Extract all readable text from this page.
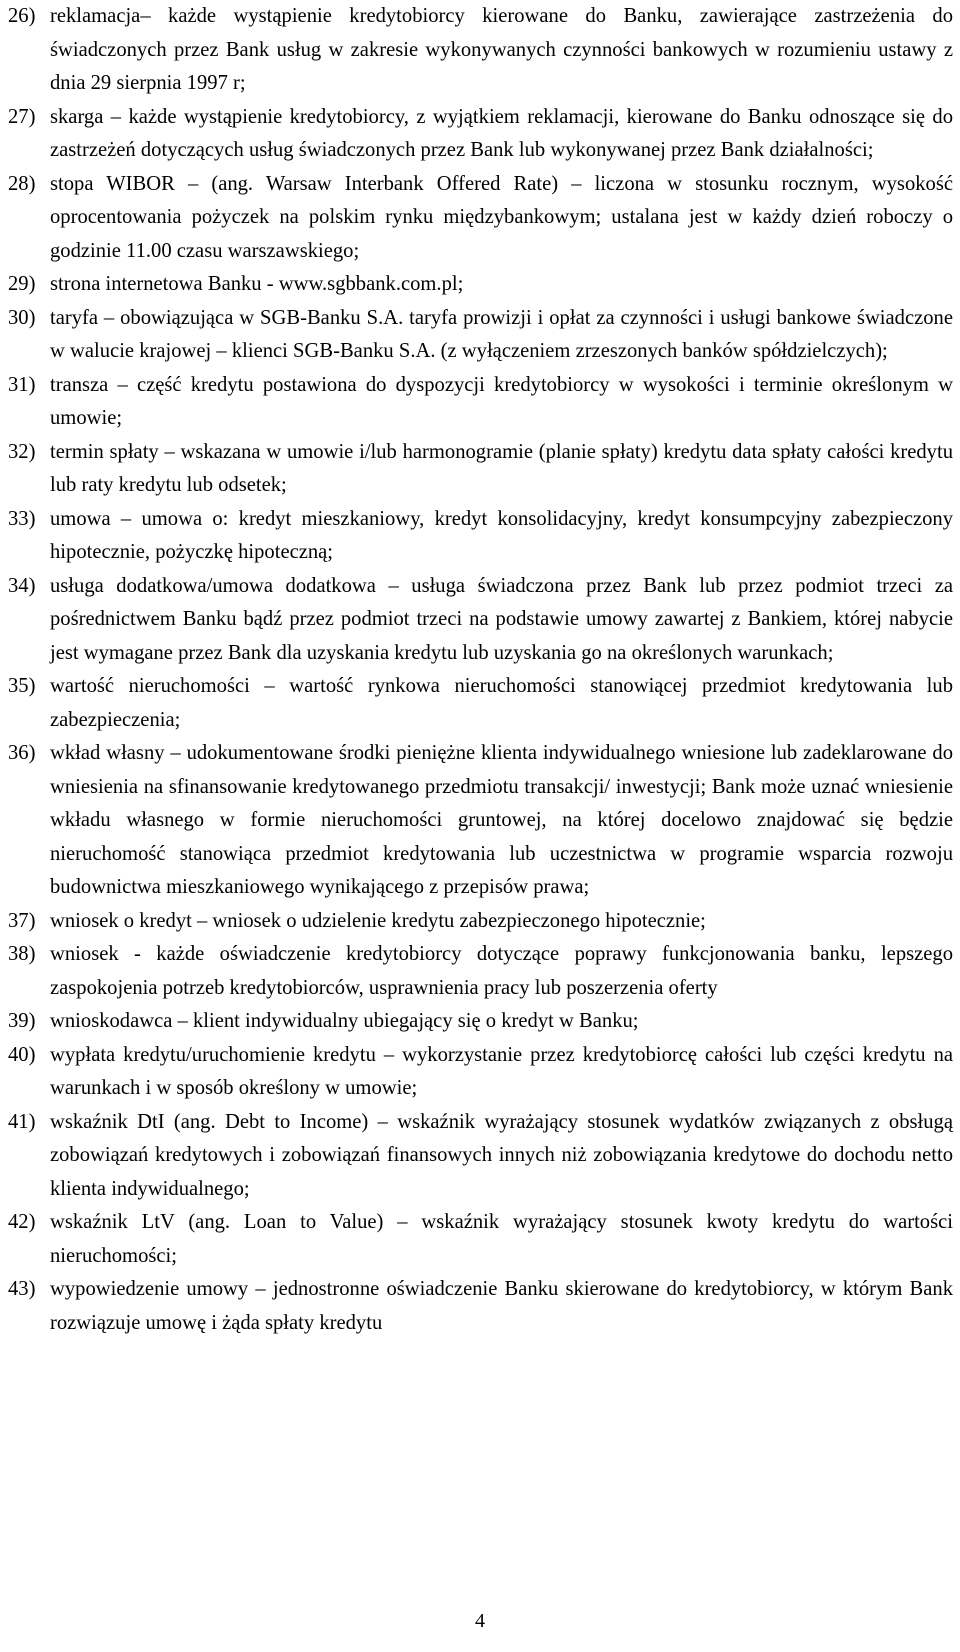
26) reklamacja– każde wystąpienie kredytobiorcy kierowane do Banku, zawierające zastrzeżenia do świadczonych przez Bank usług w zakresie wykonywanych czynności bankowych w rozumieniu ustawy z dnia 29 sierpnia 1997 r;
27) skarga – każde wystąpienie kredytobiorcy, z wyjątkiem reklamacji, kierowane do Banku odnoszące się do zastrzeżeń dotyczących usług świadczonych przez Bank lub wykonywanej przez Bank działalności;
28) stopa WIBOR – (ang. Warsaw Interbank Offered Rate) – liczona w stosunku rocznym, wysokość oprocentowania pożyczek na polskim rynku międzybankowym; ustalana jest w każdy dzień roboczy o godzinie 11.00 czasu warszawskiego;
29) strona internetowa Banku - www.sgbbank.com.pl;
30) taryfa – obowiązująca w SGB-Banku S.A. taryfa prowizji i opłat za czynności i usługi bankowe świadczone w walucie krajowej – klienci SGB-Banku S.A. (z wyłączeniem zrzeszonych banków spółdzielczych);
31) transza – część kredytu postawiona do dyspozycji kredytobiorcy w wysokości i terminie określonym w umowie;
32) termin spłaty – wskazana w umowie i/lub harmonogramie (planie spłaty) kredytu data spłaty całości kredytu lub raty kredytu lub odsetek;
33) umowa – umowa o: kredyt mieszkaniowy, kredyt konsolidacyjny, kredyt konsumpcyjny zabezpieczony hipotecznie, pożyczkę hipoteczną;
34) usługa dodatkowa/umowa dodatkowa – usługa świadczona przez Bank lub przez podmiot trzeci za pośrednictwem Banku bądź przez podmiot trzeci na podstawie umowy zawartej z Bankiem, której nabycie jest wymagane przez Bank dla uzyskania kredytu lub uzyskania go na określonych warunkach;
35) wartość nieruchomości – wartość rynkowa nieruchomości stanowiącej przedmiot kredytowania lub zabezpieczenia;
36) wkład własny – udokumentowane środki pieniężne klienta indywidualnego wniesione lub zadeklarowane do wniesienia na sfinansowanie kredytowanego przedmiotu transakcji/ inwestycji; Bank może uznać wniesienie wkładu własnego w formie nieruchomości gruntowej, na której docelowo znajdować się będzie nieruchomość stanowiąca przedmiot kredytowania lub uczestnictwa w programie wsparcia rozwoju budownictwa mieszkaniowego wynikającego z przepisów prawa;
37) wniosek o kredyt – wniosek o udzielenie kredytu zabezpieczonego hipotecznie;
38) wniosek - każde oświadczenie kredytobiorcy dotyczące poprawy funkcjonowania banku, lepszego zaspokojenia potrzeb kredytobiorców, usprawnienia pracy lub poszerzenia oferty
39) wnioskodawca – klient indywidualny ubiegający się o kredyt w Banku;
40) wypłata kredytu/uruchomienie kredytu – wykorzystanie przez kredytobiorcę całości lub części kredytu na warunkach i w sposób określony w umowie;
41) wskaźnik DtI (ang. Debt to Income) – wskaźnik wyrażający stosunek wydatków związanych z obsługą zobowiązań kredytowych i zobowiązań finansowych innych niż zobowiązania kredytowe do dochodu netto klienta indywidualnego;
42) wskaźnik LtV (ang. Loan to Value) – wskaźnik wyrażający stosunek kwoty kredytu do wartości nieruchomości;
43) wypowiedzenie umowy – jednostronne oświadczenie Banku skierowane do kredytobiorcy, w którym Bank rozwiązuje umowę i żąda spłaty kredytu
4
